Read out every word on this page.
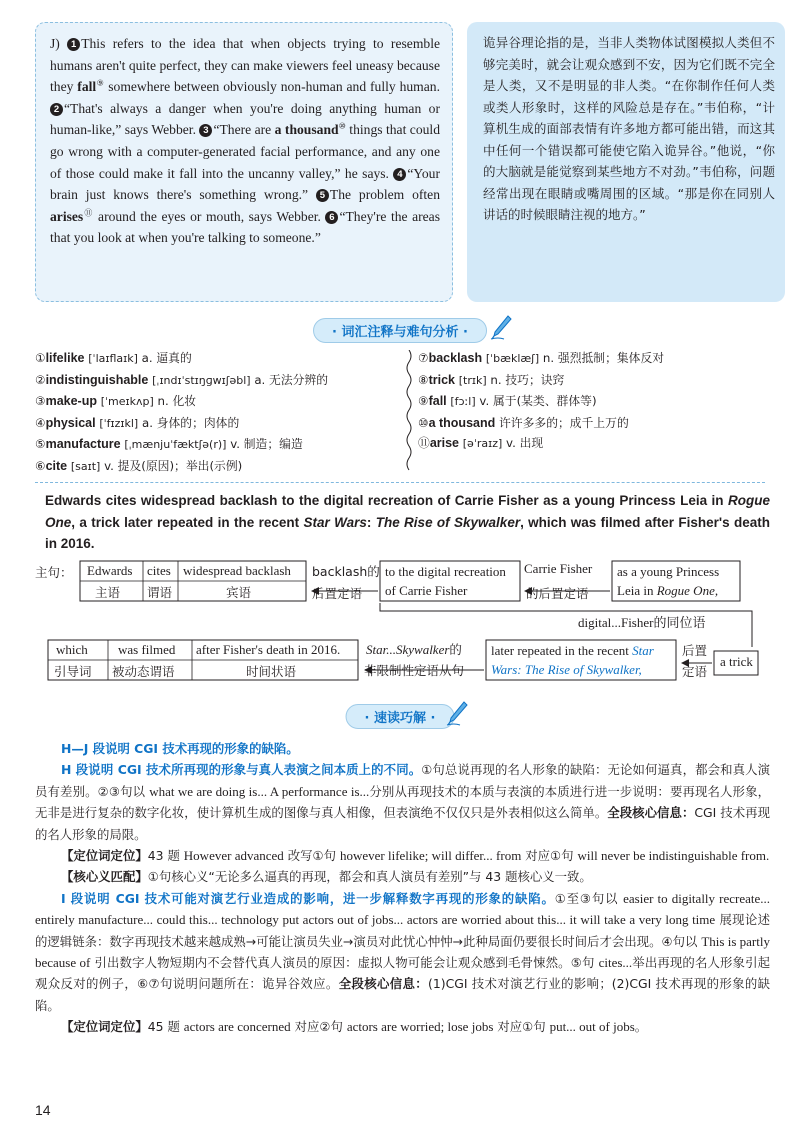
J) 1 This refers to the idea that when objects trying to resemble humans aren't quite perfect, they can make viewers feel uneasy because they fall⑨ somewhere between obviously non-human and fully human. 2 “That's always a danger when you're doing anything human or human-like,” says Webber. 3 “There are a thousand⑩ things that could go wrong with a computer-generated facial performance, and any one of those could make it fall into the uncanny valley,” he says. 4 “Your brain just knows there's something wrong.” 5 The problem often arises⑪ around the eyes or mouth, says Webber. 6 “They're the areas that you look at when you're talking to someone.”
诡异谷理论指的是，当非人类物体试图模拟人类但不够完美时，就会让观众感到不安，因为它们既不完全是人类，又不是明显的非人类。“在你制作任何人类或类人形象时，这样的风险总是存在。”韦伯称，“计算机生成的面部表情有许多地方都可能出错，而这其中任何一个错误都可能使它陷入诡异谷。”他说，“你的大脑就是能觉察到某些地方不对劲。”韦伯称，问题经常出现在眼睛或嘴周围的区域。“那是你在同别人讲话的时候眼睛注视的地方。”
· 词汇注释与难句分析 ·
①lifelike [ˈlaɪflaɪk] a. 逼真的
②indistinguishable [ˌɪndɪˈstɪŋɡwɪʃəbl] a. 无法分辨的
③make-up [ˈmeɪkʌp] n. 化妆
④physical [ˈfɪzɪkl] a. 身体的；肉体的
⑤manufacture [ˌmænjuˈfæktʃə(r)] v. 制造；编造
⑥cite [saɪt] v. 提及(原因)；举出(示例)
⑦backlash [ˈbæklæʃ] n. 强烈抵制；集体反对
⑧trick [trɪk] n. 技巧；诀窍
⑨fall [fɔːl] v. 属于(某类、群体等)
⑩a thousand 许许多多的；成千上万的
⑪arise [əˈraɪz] v. 出现
Edwards cites widespread backlash to the digital recreation of Carrie Fisher as a young Princess Leia in Rogue One, a trick later repeated in the recent Star Wars: The Rise of Skywalker, which was filmed after Fisher's death in 2016.
主句： Edwards
主语
cites
谓语
widespread backlash
宾语
backlash的
后置定语
to the digital recreation
of Carrie Fisher
Carrie Fisher
的后置定语
as a young Princess
Leia in Rogue One,
digital...Fisher的同位语
which
引导词
was filmed
被动态谓语
after Fisher's death in 2016.
时间状语
Star...Skywalker的
非限制性定语从句
later repeated in the recent Star
Wars: The Rise of Skywalker,
后置
定语
a trick
· 速读巧解 ·

H—J 段说明 CGI 技术再现的形象的缺陷。

H 段说明 CGI 技术所再现的形象与真人表演之间本质上的不同。①句总说再现的名人形象的缺陷：无论如何逼真，都会和真人演员有差别。②③句以 what we are doing is... A performance is...分别从再现技术的本质与表演的本质进行进一步说明：要再现名人形象，无非是进行复杂的数字化妆，使计算机生成的图像与真人相像，但表演绝不仅仅只是外表相似这么简单。全段核心信息：CGI 技术再现的名人形象的局限。

【定位词定位】43 题 However advanced 改写①句 however lifelike; will differ... from 对应①句 will never be indistinguishable from.

【核心义匹配】①句核心义“无论多么逼真的再现，都会和真人演员有差别”与 43 题核心义一致。

I 段说明 CGI 技术可能对演艺行业造成的影响，进一步解释数字再现的形象的缺陷。①至③句以 easier to digitally recreate... entirely manufacture... could this... technology put actors out of jobs... actors are worried about this... it will take a very long time 展现论述的逻辑链条：数字再现技术越来越成熟→可能让演员失业→演员对此忧心忡忡→此种局面仍要很长时间后才会出现。④句以 This is partly because of 引出数字人物短期内不会替代真人演员的原因：虚拟人物可能会让观众感到毛骨悚然。⑤句 cites...举出再现的名人形象引起观众反对的例子，⑥⑦句说明问题所在：诡异谷效应。全段核心信息：(1)CGI 技术对演艺行业的影响；(2)CGI 技术再现的形象的缺陷。

【定位词定位】45 题 actors are concerned 对应②句 actors are worried; lose jobs 对应①句 put... out of jobs。

14
